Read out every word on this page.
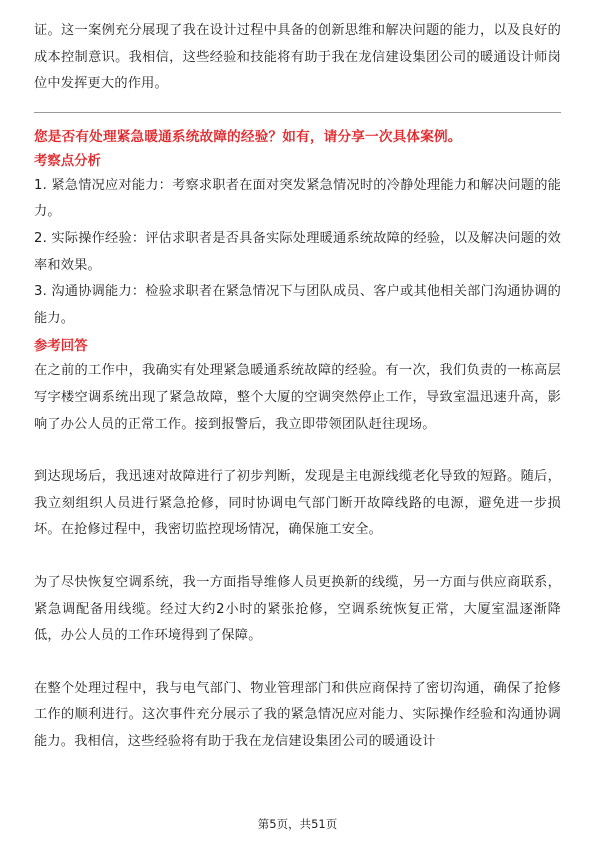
证。这一案例充分展现了我在设计过程中具备的创新思维和解决问题的能力，以及良好的成本控制意识。我相信，这些经验和技能将有助于我在龙信建设集团公司的暖通设计师岗位中发挥更大的作用。

您是否有处理紧急暖通系统故障的经验？如有，请分享一次具体案例。

考察点分析

1. 紧急情况应对能力：考察求职者在面对突发紧急情况时的冷静处理能力和解决问题的能力。

2. 实际操作经验：评估求职者是否具备实际处理暖通系统故障的经验，以及解决问题的效率和效果。

3. 沟通协调能力：检验求职者在紧急情况下与团队成员、客户或其他相关部门沟通协调的能力。

参考回答

在之前的工作中，我确实有处理紧急暖通系统故障的经验。有一次，我们负责的一栋高层写字楼空调系统出现了紧急故障，整个大厦的空调突然停止工作，导致室温迅速升高，影响了办公人员的正常工作。接到报警后，我立即带领团队赶往现场。

到达现场后，我迅速对故障进行了初步判断，发现是主电源线缆老化导致的短路。随后，我立刻组织人员进行紧急抢修，同时协调电气部门断开故障线路的电源，避免进一步损坏。在抢修过程中，我密切监控现场情况，确保施工安全。

为了尽快恢复空调系统，我一方面指导维修人员更换新的线缆，另一方面与供应商联系，紧急调配备用线缆。经过大约2小时的紧张抢修，空调系统恢复正常，大厦室温逐渐降低，办公人员的工作环境得到了保障。

在整个处理过程中，我与电气部门、物业管理部门和供应商保持了密切沟通，确保了抢修工作的顺利进行。这次事件充分展示了我的紧急情况应对能力、实际操作经验和沟通协调能力。我相信，这些经验将有助于我在龙信建设集团公司的暖通设计

第5页，共51页
